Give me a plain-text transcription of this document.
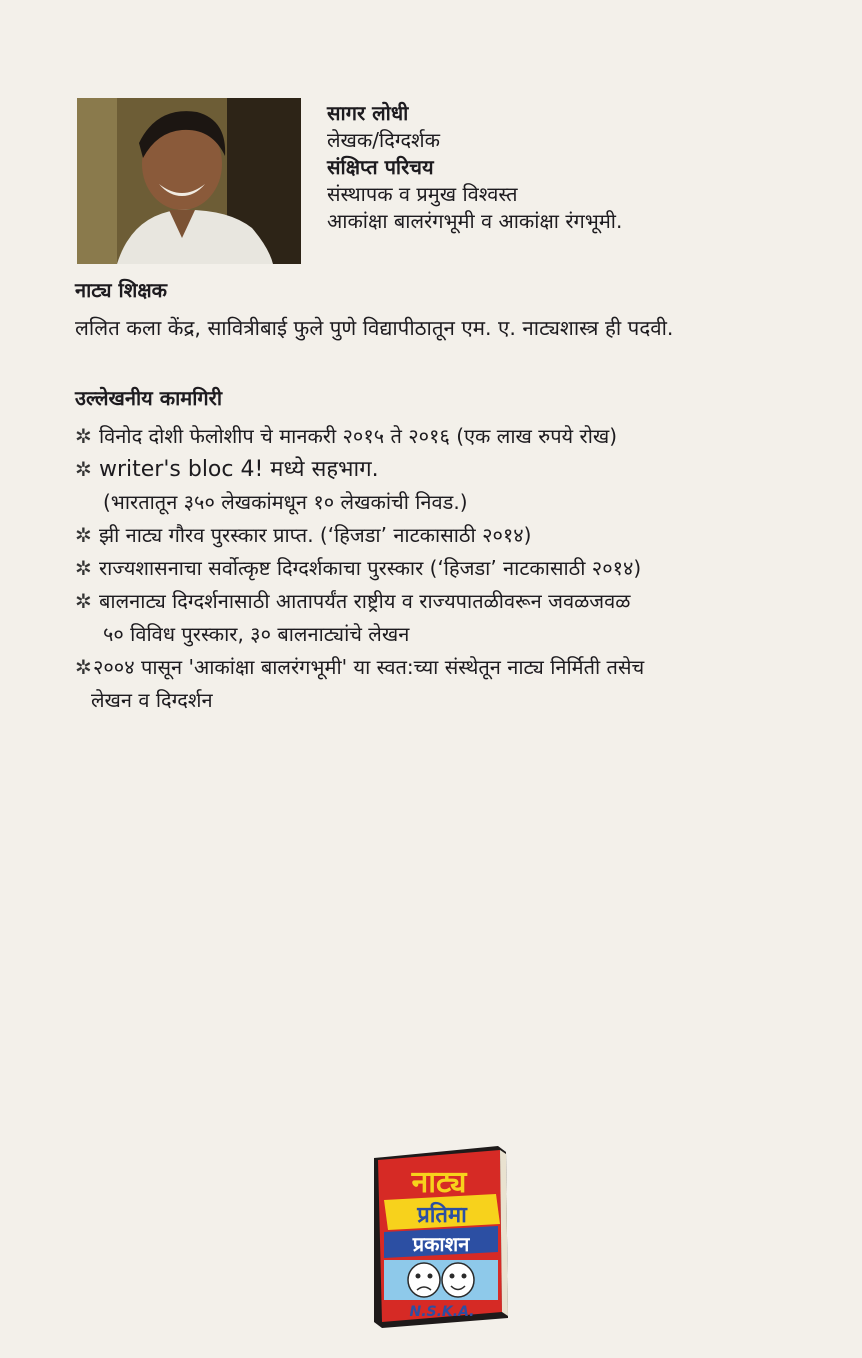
सागर लोधी
लेखक/दिग्दर्शक
संक्षिप्त परिचय
संस्थापक व प्रमुख विश्वस्त
आकांक्षा बालरंगभूमी व आकांक्षा रंगभूमी.
नाट्य शिक्षक
ललित कला केंद्र, सावित्रीबाई फुले पुणे विद्यापीठातून एम. ए. नाट्यशास्त्र ही पदवी.
उल्लेखनीय कामगिरी
✲ विनोद दोशी फेलोशीप चे मानकरी २०१५ ते २०१६ (एक लाख रुपये रोख)
✲ writer's bloc 4! मध्ये सहभाग.
(भारतातून ३५० लेखकांमधून १० लेखकांची निवड.)
✲ झी नाट्य गौरव पुरस्कार प्राप्त. (‘हिजडा’ नाटकासाठी २०१४)
✲ राज्यशासनाचा सर्वोत्कृष्ट दिग्दर्शकाचा पुरस्कार (‘हिजडा’ नाटकासाठी २०१४)
✲ बालनाट्य दिग्दर्शनासाठी आतापर्यंत राष्ट्रीय व राज्यपातळीवरून जवळजवळ
५० विविध पुरस्कार, ३० बालनाट्यांचे लेखन
✲२००४ पासून 'आकांक्षा बालरंगभूमी' या स्वत:च्या संस्थेतून नाट्य निर्मिती तसेच
लेखन व दिग्दर्शन
नाट्य
प्रतिमा
प्रकाशन
N.S.K.A.
